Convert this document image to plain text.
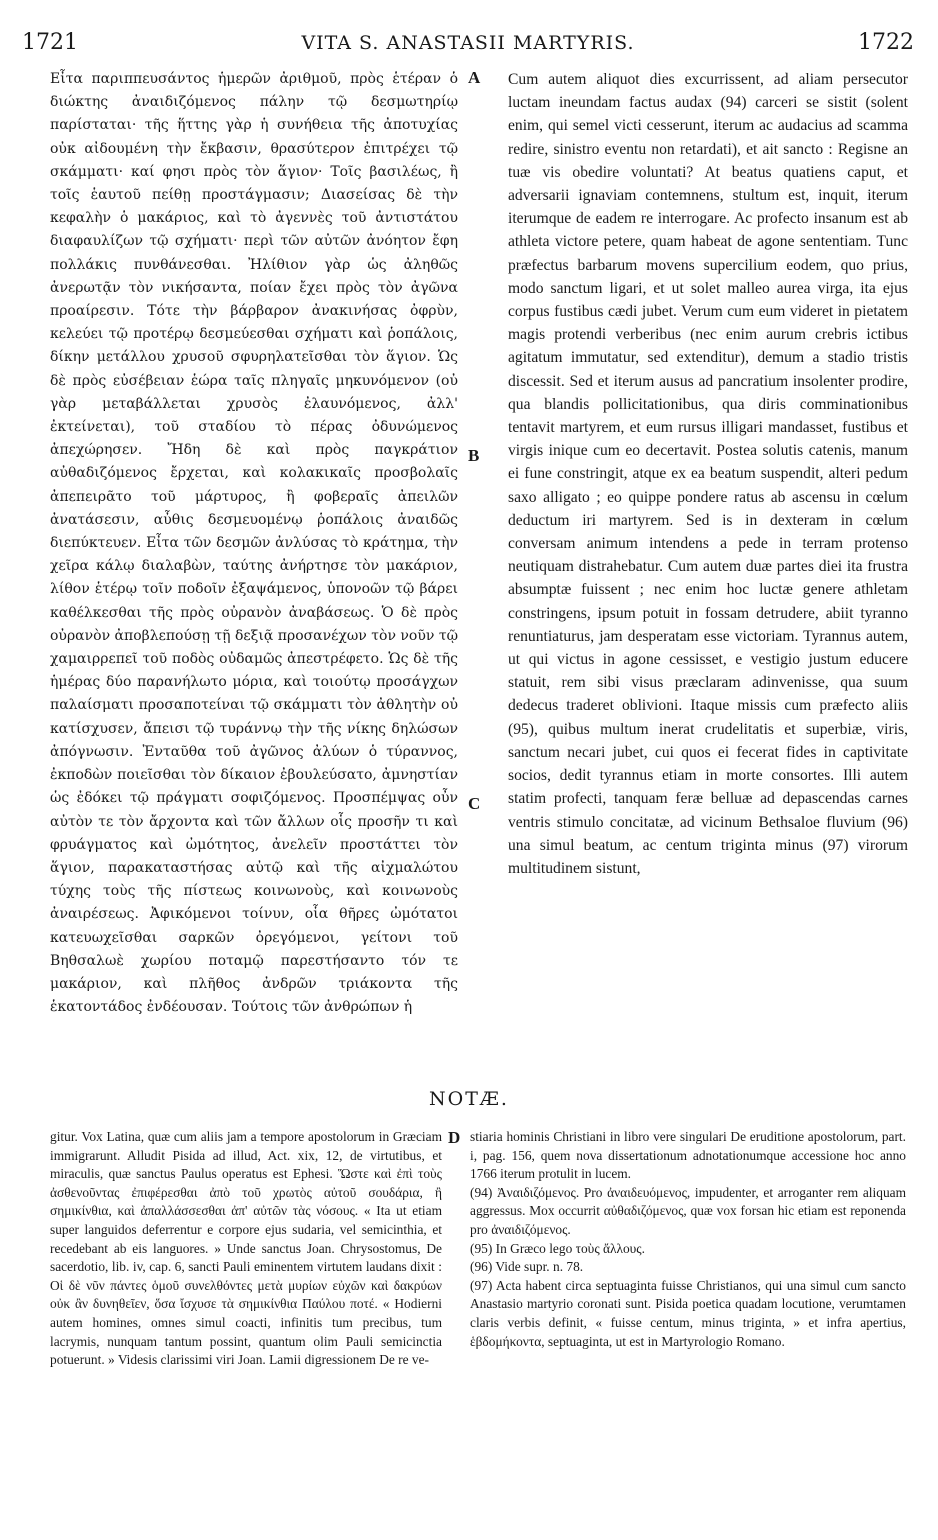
1721	VITA S. ANASTASII MARTYRIS.	1722

Εἶτα παριππευσάντος ἡμερῶν ἀριθμοῦ, πρὸς ἑτέραν ὁ διώκτης ἀναιδιζόμενος πάλην τῷ δεσμωτηρίῳ παρίσταται· τῆς ἥττης γὰρ ἡ συνήθεια τῆς ἀποτυχίας οὐκ αἰδουμένη τὴν ἔκβασιν, θρασύτερον ἐπιτρέχει τῷ σκάμματι· καί φησι πρὸς τὸν ἅγιον· Τοῖς βασιλέως, ἢ τοῖς ἑαυτοῦ πείθῃ προστάγμασιν; Διασείσας δὲ τὴν κεφαλὴν ὁ μακάριος, καὶ τὸ ἀγεννὲς τοῦ ἀντιστάτου διαφαυλίζων τῷ σχήματι· περὶ τῶν αὐτῶν ἀνόητον ἔφη πολλάκις πυνθάνεσθαι. Ἠλίθιον γὰρ ὡς ἀληθῶς ἀνερωτᾷν τὸν νικήσαντα, ποίαν ἔχει πρὸς τὸν ἀγῶνα προαίρεσιν. Τότε τὴν βάρβαρον ἀνακινήσας ὀφρὺν, κελεύει τῷ προτέρῳ δεσμεύεσθαι σχήματι καὶ ῥοπάλοις, δίκην μετάλλου χρυσοῦ σφυρηλατεῖσθαι τὸν ἅγιον. Ὡς δὲ πρὸς εὐσέβειαν ἑώρα ταῖς πληγαῖς μηκυνόμενον (οὐ γὰρ μεταβάλλεται χρυσὸς ἐλαυνόμενος, ἀλλ' ἐκτείνεται), τοῦ σταδίου τὸ πέρας ὀδυνώμενος ἀπεχώρησεν. Ἤδη δὲ καὶ πρὸς παγκράτιον αὐθαδιζόμενος ἔρχεται, καὶ κολακικαῖς προσβολαῖς ἀπεπειρᾶτο τοῦ μάρτυρος, ἢ φοβεραῖς ἀπειλῶν ἀνατάσεσιν, αὖθις δεσμευομένῳ ῥοπάλοις ἀναιδῶς διεπύκτευεν. Εἶτα τῶν δεσμῶν ἀνλύσας τὸ κράτημα, τὴν χεῖρα κάλῳ διαλαβὼν, ταύτης ἀνήρτησε τὸν μακάριον, λίθον ἑτέρῳ τοῖν ποδοῖν ἐξαψάμενος, ὑπονοῶν τῷ βάρει καθέλκεσθαι τῆς πρὸς οὐρανὸν ἀναβάσεως. Ὁ δὲ πρὸς οὐρανὸν ἀποβλεπούσῃ τῇ δεξιᾷ προσανέχων τὸν νοῦν τῷ χαμαιρρεπεῖ τοῦ ποδὸς οὐδαμῶς ἀπεστρέφετο. Ὡς δὲ τῆς ἡμέρας δύο παρανήλωτο μόρια, καὶ τοιούτῳ προσάγχων παλαίσματι προσαποτείναι τῷ σκάμματι τὸν ἀθλητὴν οὐ κατίσχυσεν, ἄπεισι τῷ τυράννῳ τὴν τῆς νίκης δηλώσων ἀπόγνωσιν. Ἐνταῦθα τοῦ ἀγῶνος ἀλύων ὁ τύραννος, ἐκποδὼν ποιεῖσθαι τὸν δίκαιον ἐβουλεύσατο, ἀμνηστίαν ὡς ἐδόκει τῷ πράγματι σοφιζόμενος. Προσπέμψας οὖν αὐτὸν τε τὸν ἄρχοντα καὶ τῶν ἄλλων οἷς προσῆν τι καὶ φρυάγματος καὶ ὠμότητος, ἀνελεῖν προστάττει τὸν ἅγιον, παρακαταστήσας αὐτῷ καὶ τῆς αἰχμαλώτου τύχης τοὺς τῆς πίστεως κοινωνοὺς, καὶ κοινωνοὺς ἀναιρέσεως. Ἀφικόμενοι τοίνυν, οἷα θῆρες ὠμότατοι κατευωχεῖσθαι σαρκῶν ὀρεγόμενοι, γείτονι τοῦ Βηθσαλωὲ χωρίου ποταμῷ παρεστήσαντο τόν τε μακάριον, καὶ πλῆθος ἀνδρῶν τριάκοντα τῆς ἑκατοντάδος ἐνδέουσαν. Τούτοις τῶν ἀνθρώπων ἡ

A
B
C

Cum autem aliquot dies excurrissent, ad aliam persecutor luctam ineundam factus audax (94) carceri se sistit (solent enim, qui semel victi cesserunt, iterum ac audacius ad scamma redire, sinistro eventu non retardati), et ait sancto : Regisne an tuæ vis obedire voluntati? At beatus quatiens caput, et adversarii ignaviam contemnens, stultum est, inquit, iterum iterumque de eadem re interrogare. Ac profecto insanum est ab athleta victore petere, quam habeat de agone sententiam. Tunc præfectus barbarum movens supercilium eodem, quo prius, modo sanctum ligari, et ut solet malleo aurea virga, ita ejus corpus fustibus cædi jubet. Verum cum eum videret in pietatem magis protendi verberibus (nec enim aurum crebris ictibus agitatum immutatur, sed extenditur), demum a stadio tristis discessit. Sed et iterum ausus ad pancratium insolenter prodire, qua blandis pollicitationibus, qua diris comminationibus tentavit martyrem, et eum rursus illigari mandasset, fustibus et virgis inique cum eo decertavit. Postea solutis catenis, manum ei fune constringit, atque ex ea beatum suspendit, alteri pedum saxo alligato ; eo quippe pondere ratus ab ascensu in cœlum deductum iri martyrem. Sed is in dexteram in cœlum conversam animum intendens a pede in terram protenso neutiquam distrahebatur. Cum autem duæ partes diei ita frustra absumptæ fuissent ; nec enim hoc luctæ genere athletam constringens, ipsum potuit in fossam detrudere, abiit tyranno renuntiaturus, jam desperatam esse victoriam. Tyrannus autem, ut qui victus in agone cessisset, e vestigio justum educere statuit, rem sibi visus præclaram adinvenisse, qua suum dedecus traderet oblivioni. Itaque missis cum præfecto aliis (95), quibus multum inerat crudelitatis et superbiæ, viris, sanctum necari jubet, cui quos ei fecerat fides in captivitate socios, dedit tyrannus etiam in morte consortes. Illi autem statim profecti, tanquam feræ belluæ ad depascendas carnes ventris stimulo concitatæ, ad vicinum Bethsaloe fluvium (96) una simul beatum, ac centum triginta minus (97) virorum multitudinem sistunt,

NOTÆ.

gitur. Vox Latina, quæ cum aliis jam a tempore apostolorum in Græciam immigrarunt. Alludit Pisida ad illud, Act. xix, 12, de virtutibus, et miraculis, quæ sanctus Paulus operatus est Ephesi. Ὥστε καὶ ἐπὶ τοὺς ἀσθενοῦντας ἐπιφέρεσθαι ἀπὸ τοῦ χρωτὸς αὐτοῦ σουδάρια, ἢ σημικίνθια, καὶ ἀπαλλάσσεσθαι ἀπ' αὐτῶν τὰς νόσους. « Ita ut etiam super languidos deferrentur e corpore ejus sudaria, vel semicinthia, et recedebant ab eis languores. » Unde sanctus Joan. Chrysostomus, De sacerdotio, lib. iv, cap. 6, sancti Pauli eminentem virtutem laudans dixit : Οἱ δὲ νῦν πάντες ὁμοῦ συνελθόντες μετὰ μυρίων εὐχῶν καὶ δακρύων οὐκ ἂν δυνηθεῖεν, ὅσα ἴσχυσε τὰ σημικίνθια Παύλου ποτέ. « Hodierni autem homines, omnes simul coacti, infinitis tum precibus, tum lacrymis, nunquam tantum possint, quantum olim Pauli semicinctia potuerunt. » Videsis clarissimi viri Joan. Lamii digressionem De re ve-

D stiaria hominis Christiani in libro vere singulari De eruditione apostolorum, part. i, pag. 156, quem nova dissertationum adnotationumque accessione hoc anno 1766 iterum protulit in lucem.

(94) Ἀναιδιζόμενος. Pro ἀναιδευόμενος, impudenter, et arroganter rem aliquam aggressus. Mox occurrit αὐθαδιζόμενος, quæ vox forsan hic etiam est reponenda pro ἀναιδιζόμενος.

(95) In Græco lego τοὺς ἄλλους.

(96) Vide supr. n. 78.

(97) Acta habent circa septuaginta fuisse Christianos, qui una simul cum sancto Anastasio martyrio coronati sunt. Pisida poetica quadam locutione, verumtamen claris verbis definit, « fuisse centum, minus triginta, » et infra apertius, ἑβδομήκοντα, septuaginta, ut est in Martyrologio Romano.
